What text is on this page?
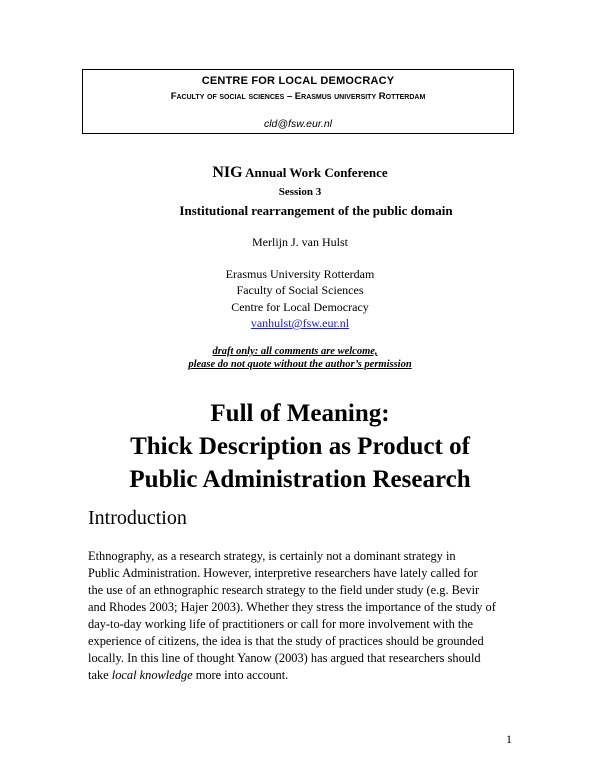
CENTRE FOR LOCAL DEMOCRACY
Faculty of social sciences – Erasmus university Rotterdam
cld@fsw.eur.nl
NIG Annual Work Conference
Session 3
Institutional rearrangement of the public domain
Merlijn J. van Hulst
Erasmus University Rotterdam
Faculty of Social Sciences
Centre for Local Democracy
vanhulst@fsw.eur.nl
draft only: all comments are welcome,
please do not quote without the author’s permission
Full of Meaning:
Thick Description as Product of
Public Administration Research
Introduction
Ethnography, as a research strategy, is certainly not a dominant strategy in
Public Administration. However, interpretive researchers have lately called for
the use of an ethnographic research strategy to the field under study (e.g. Bevir
and Rhodes 2003; Hajer 2003). Whether they stress the importance of the study of
day-to-day working life of practitioners or call for more involvement with the
experience of citizens, the idea is that the study of practices should be grounded
locally. In this line of thought Yanow (2003) has argued that researchers should
take local knowledge more into account.
1
